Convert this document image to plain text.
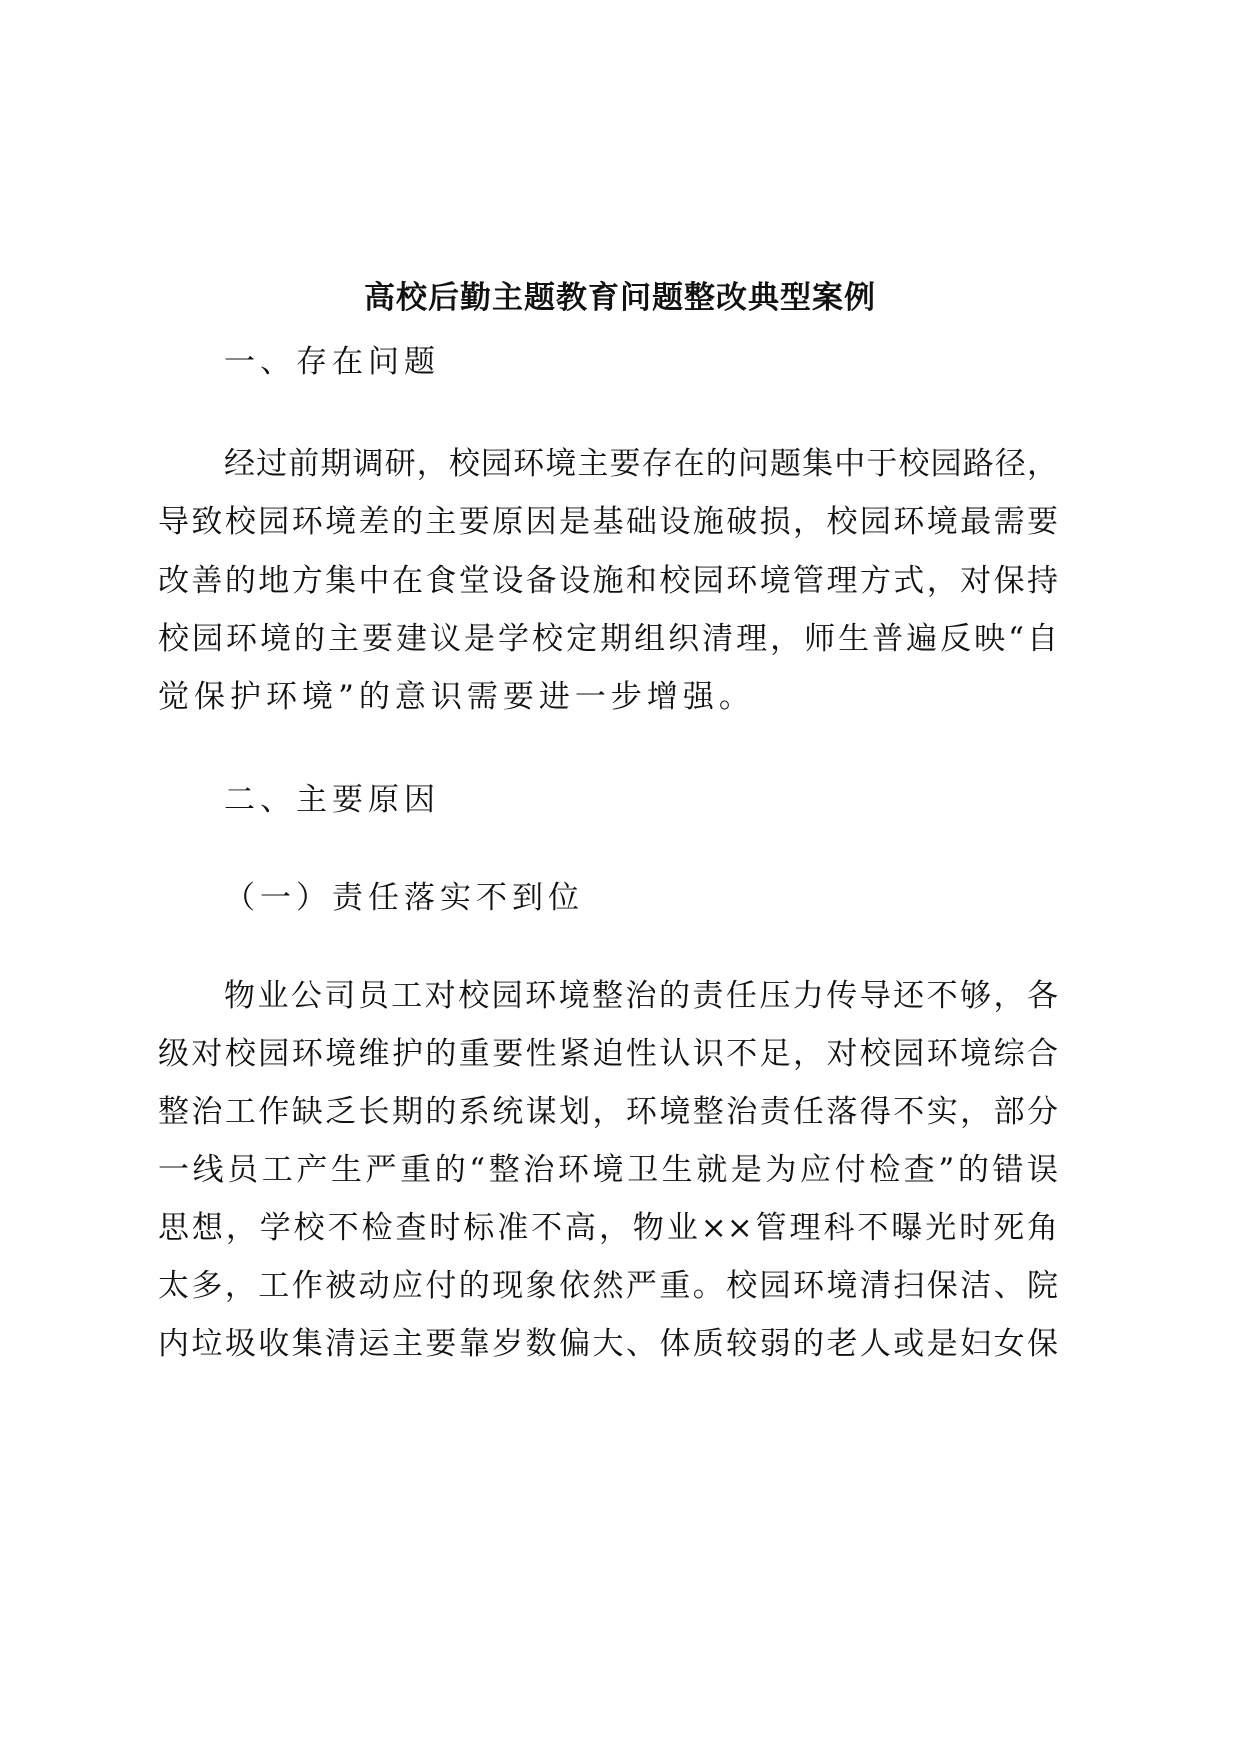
高校后勤主题教育问题整改典型案例
一、存在问题
经过前期调研，校园环境主要存在的问题集中于校园路径，
导致校园环境差的主要原因是基础设施破损，校园环境最需要
改善的地方集中在食堂设备设施和校园环境管理方式，对保持
校园环境的主要建议是学校定期组织清理，师生普遍反映“自
觉保护环境”的意识需要进一步增强。
二、主要原因
（一）责任落实不到位
物业公司员工对校园环境整治的责任压力传导还不够，各
级对校园环境维护的重要性紧迫性认识不足，对校园环境综合
整治工作缺乏长期的系统谋划，环境整治责任落得不实，部分
一线员工产生严重的“整治环境卫生就是为应付检查”的错误
思想，学校不检查时标准不高，物业××管理科不曝光时死角
太多，工作被动应付的现象依然严重。校园环境清扫保洁、院
内垃圾收集清运主要靠岁数偏大、体质较弱的老人或是妇女保
